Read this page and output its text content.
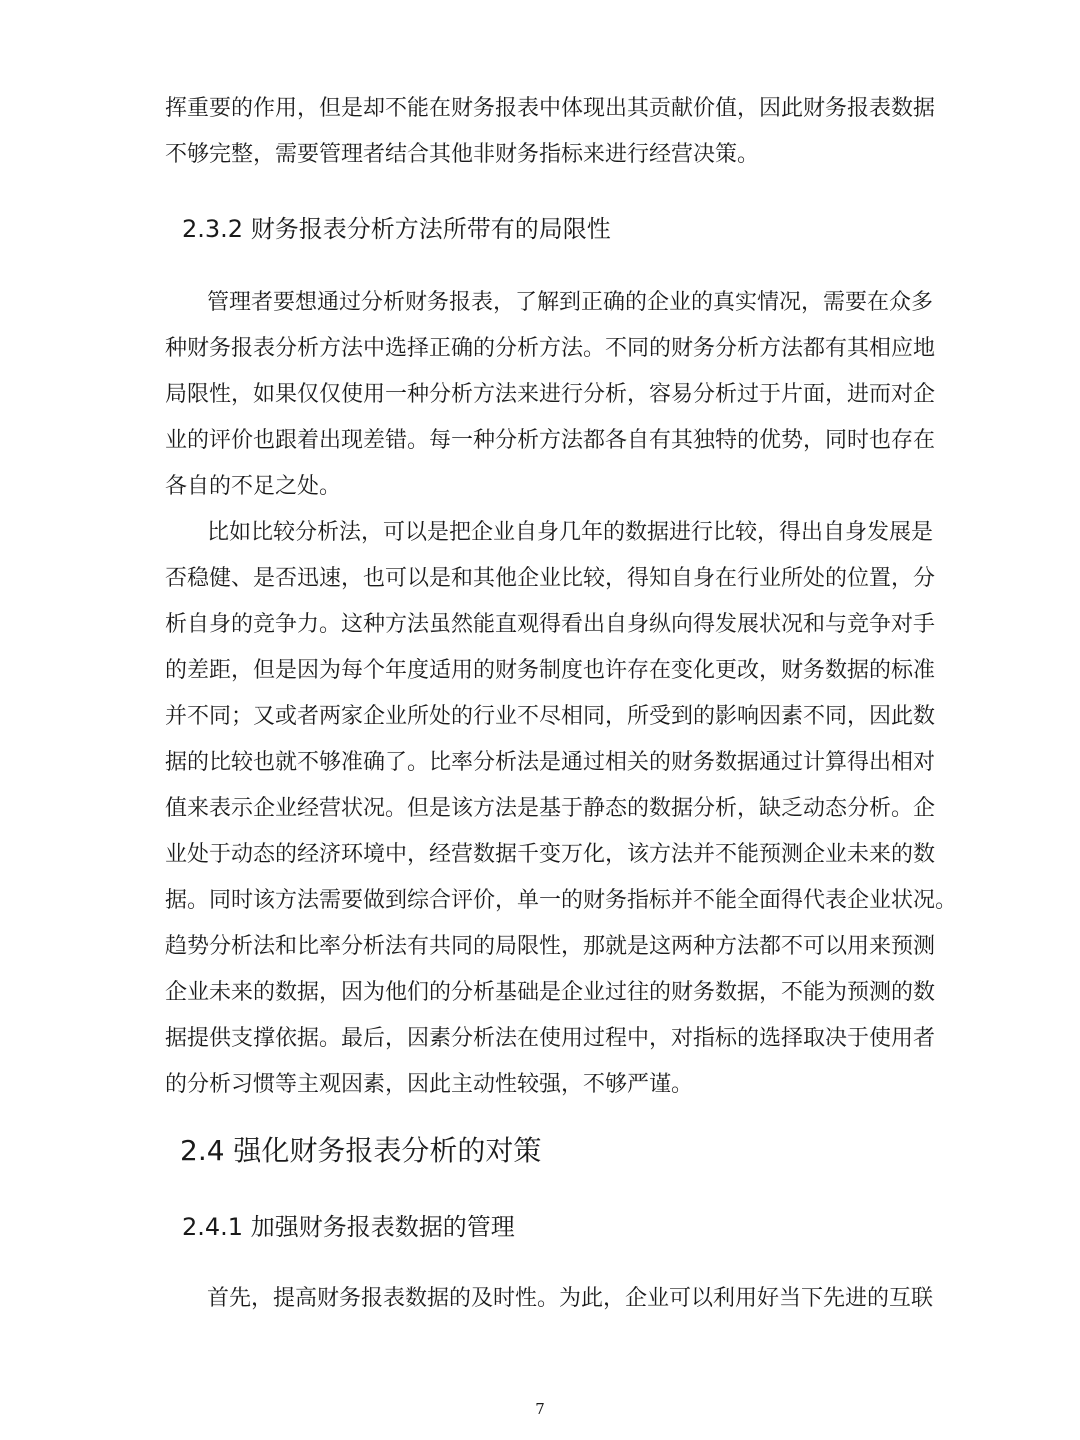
挥重要的作用，但是却不能在财务报表中体现出其贡献价值，因此财务报表数据
不够完整，需要管理者结合其他非财务指标来进行经营决策。
2.3.2 财务报表分析方法所带有的局限性
管理者要想通过分析财务报表，了解到正确的企业的真实情况，需要在众多
种财务报表分析方法中选择正确的分析方法。不同的财务分析方法都有其相应地
局限性，如果仅仅使用一种分析方法来进行分析，容易分析过于片面，进而对企
业的评价也跟着出现差错。每一种分析方法都各自有其独特的优势，同时也存在
各自的不足之处。
比如比较分析法，可以是把企业自身几年的数据进行比较，得出自身发展是
否稳健、是否迅速，也可以是和其他企业比较，得知自身在行业所处的位置，分
析自身的竞争力。这种方法虽然能直观得看出自身纵向得发展状况和与竞争对手
的差距，但是因为每个年度适用的财务制度也许存在变化更改，财务数据的标准
并不同；又或者两家企业所处的行业不尽相同，所受到的影响因素不同，因此数
据的比较也就不够准确了。比率分析法是通过相关的财务数据通过计算得出相对
值来表示企业经营状况。但是该方法是基于静态的数据分析，缺乏动态分析。企
业处于动态的经济环境中，经营数据千变万化，该方法并不能预测企业未来的数
据。同时该方法需要做到综合评价，单一的财务指标并不能全面得代表企业状况。
趋势分析法和比率分析法有共同的局限性，那就是这两种方法都不可以用来预测
企业未来的数据，因为他们的分析基础是企业过往的财务数据，不能为预测的数
据提供支撑依据。最后，因素分析法在使用过程中，对指标的选择取决于使用者
的分析习惯等主观因素，因此主动性较强，不够严谨。
2.4 强化财务报表分析的对策
2.4.1 加强财务报表数据的管理
首先，提高财务报表数据的及时性。为此，企业可以利用好当下先进的互联
7
